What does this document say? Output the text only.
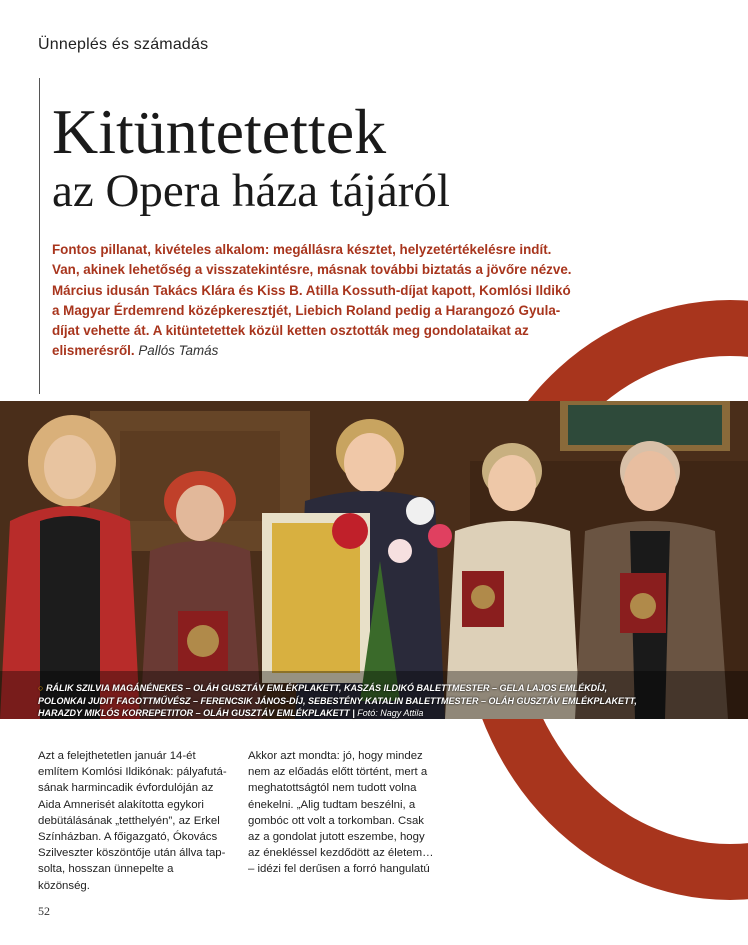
Ünneplés és számadás
Kitüntetettek
az Opera háza tájáról

Fontos pillanat, kivételes alkalom: megállásra késztet, helyzetértékelésre indít. Van, akinek lehetőség a visszatekintésre, másnak további biztatás a jövőre nézve. Március idusán Takács Klára és Kiss B. Atilla Kossuth-díjat kapott, Komlósi Ildikó a Magyar Érdemrend középkeresztjét, Liebich Roland pedig a Harangozó Gyula-díjat vehette át. A kitüntetettek közül ketten osztották meg gondolataikat az elismerésről. Pallós Tamás

○ RÁLIK SZILVIA MAGÁNÉNEKES – OLÁH GUSZTÁV EMLÉKPLAKETT, KASZÁS ILDIKÓ BALETTMESTER – GELA LAJOS EMLÉKDÍJ, POLONKAI JUDIT FAGOTTMŰVÉSZ – FERENCSIK JÁNOS-DÍJ, SEBESTÉNY KATALIN BALETTMESTER – OLÁH GUSZTÁV EMLÉKPLAKETT, HARAZDY MIKLÓS KORREPETITOR – OLÁH GUSZTÁV EMLÉKPLAKETT | Fotó: Nagy Attila
Azt a felejthetetlen január 14-ét említem Komlósi Ildikónak: pályafutá-sának harmincadik évfordulóján az Aida Amnerisét alakította egykori debütálásának „tetthelyén”, az Erkel Színházban. A főigazgató, Ókovács Szilveszter köszöntője után állva tap-solta, hosszan ünnepelte a közönség.
Akkor azt mondta: jó, hogy mindez nem az előadás előtt történt, mert a meghatottságtól nem tudott volna énekelni. „Alig tudtam beszélni, a gombóc ott volt a torkomban. Csak az a gondolat jutott eszembe, hogy az énekléssel kezdődött az életem… – idézi fel derűsen a forró hangulatú
52
